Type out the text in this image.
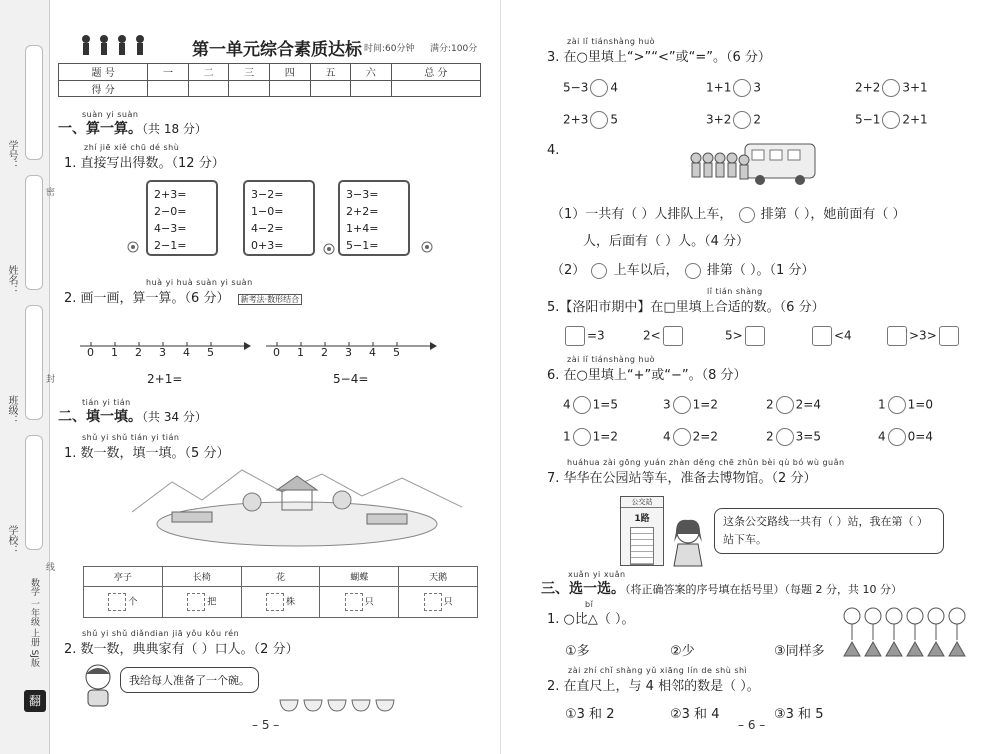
学号：
姓名：
班级：
学校：
密
封
线
数学 一年级 上册 SJ版
翻
第一单元综合素质达标 时间:60分钟 满分:100分
题 号	一	二	三	四	五	六	总 分
得 分							
suàn yi suàn
一、算一算。（共 18 分）
zhí jiē xiě chū dé shù
1. 直接写出得数。（12 分）
2+3=
2−0=
4−3=
2−1=
3−2=
1−0=
4−2=
0+3=
3−3=
2+2=
1+4=
5−1=
huà yi huà suàn yi suàn
2. 画一画，算一算。（6 分） 新考法·数形结合
0 1 2 3 4 5	0 1 2 3 4 5
2+1=	5−4=
tián yi tián
二、填一填。（共 34 分）
shǔ yi shǔ tián yi tián
1. 数一数，填一填。（5 分）
亭子	长椅	花	蝴蝶	天鹅
个	把	株	只	只
shǔ yi shǔ diǎndian jiā yǒu kǒu rén
2. 数一数，典典家有（ ）口人。（2 分）
我给每人准备了一个碗。
– 5 –
zài lǐ tiánshàng huò
3. 在○里填上“>”“<”或“=”。（6 分）
5−3 4	1+1 3	2+2 3+1
2+3 5	3+2 2	5−1 2+1
4.
（1）一共有（ ）人排队上车， 排第（ ），她前面有（ ）
人，后面有（ ）人。（4 分）
（2） 上车以后， 排第（ ）。（1 分）
lǐ tián shàng
5.【洛阳市期中】在□里填上合适的数。（6 分）
=3	2<	5>	<4	>3>
zài lǐ tiánshàng huò
6. 在○里填上“+”或“−”。（8 分）
4 1=5	3 1=2	2 2=4	1 1=0
1 1=2	4 2=2	2 3=5	4 0=4
huáhua zài gōng yuán zhàn děng chē zhǔn bèi qù bó wù guǎn
7. 华华在公园站等车，准备去博物馆。（2 分）
公交站
1路	这条公交路线一共有（ ）站，我在第（ ）站下车。
xuǎn yi xuǎn
三、选一选。（将正确答案的序号填在括号里）（每题 2 分，共 10 分）
bǐ
1. ○比△（ ）。
①多	②少	③同样多
zài zhí chǐ shàng yǔ xiāng lín de shù shì
2. 在直尺上，与 4 相邻的数是（ ）。
①3 和 2	②3 和 4	③3 和 5
– 6 –
